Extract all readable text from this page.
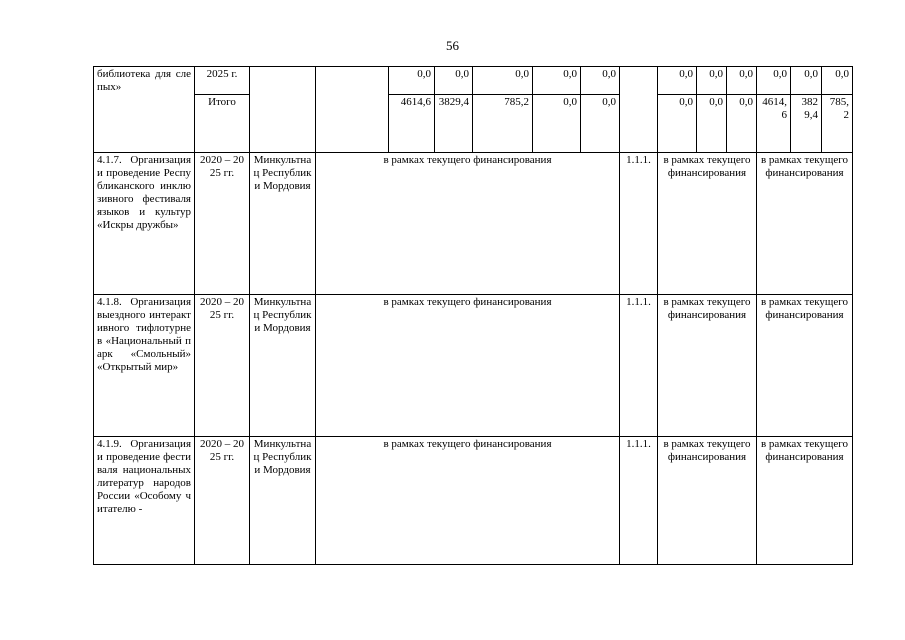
56
библиотека для слепых»	2025 г.			0,0	0,0	0,0	0,0	0,0		0,0	0,0	0,0	0,0	0,0	0,0
	Итого			4614,6	3829,4	785,2	0,0	0,0		0,0	0,0	0,0	4614,6	3829,4	785,2
4.1.7. Организация и проведение Республиканского инклюзивного фестиваля языков и культур «Искры дружбы»	2020 – 2025 гг.	Минкультнац Республики Мордовия	в рамках текущего финансирования						1.1.1.	в рамках текущего финансирования			в рамках текущего финансирования		
4.1.8. Организация выездного интерактивного тифлотурне в «Национальный парк «Смольный» «Открытый мир»	2020 – 2025 гг.	Минкультнац Республики Мордовия	в рамках текущего финансирования						1.1.1.	в рамках текущего финансирования			в рамках текущего финансирования		
4.1.9. Организация и проведение фестиваля национальных литератур народов России «Особому читателю -	2020 – 2025 гг.	Минкультнац Республики Мордовия	в рамках текущего финансирования						1.1.1.	в рамках текущего финансирования			в рамках текущего финансирования		
